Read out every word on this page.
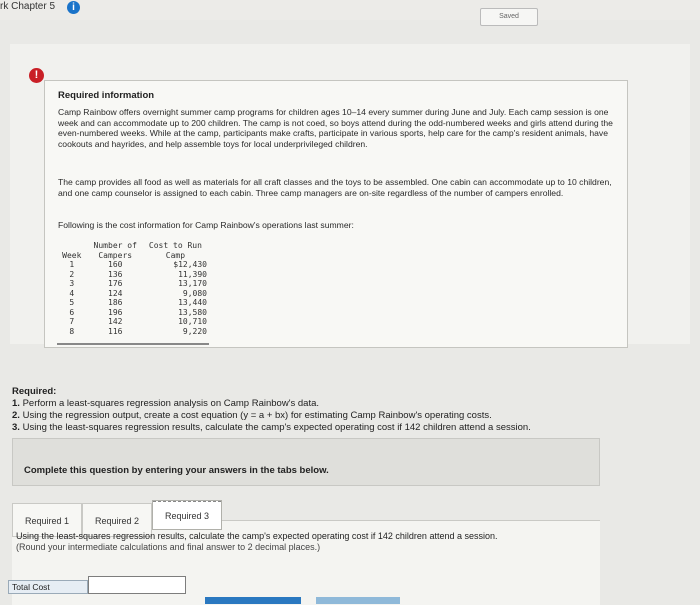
rk Chapter 5	i
Saved
!
Required information
Camp Rainbow offers overnight summer camp programs for children ages 10–14 every summer during June and July. Each camp session is one week and can accommodate up to 200 children. The camp is not coed, so boys attend during the odd-numbered weeks and girls attend during the even-numbered weeks. While at the camp, participants make crafts, participate in various sports, help care for the camp's resident animals, have cookouts and hayrides, and help assemble toys for local underprivileged children.
The camp provides all food as well as materials for all craft classes and the toys to be assembled. One cabin can accommodate up to 10 children, and one camp counselor is assigned to each cabin. Three camp managers are on-site regardless of the number of campers enrolled.
Following is the cost information for Camp Rainbow's operations last summer:
Number of	Cost to Run
Week	Campers	Camp
1	160	$12,430
2	136	11,390
3	176	13,170
4	124	9,080
5	186	13,440
6	196	13,580
7	142	10,710
8	116	9,220
Required:
1. Perform a least-squares regression analysis on Camp Rainbow's data.
2. Using the regression output, create a cost equation (y = a + bx) for estimating Camp Rainbow's operating costs.
3. Using the least-squares regression results, calculate the camp's expected operating cost if 142 children attend a session.
Complete this question by entering your answers in the tabs below.
Required 1	Required 2	Required 3
Using the least-squares regression results, calculate the camp's expected operating cost if 142 children attend a session.
(Round your intermediate calculations and final answer to 2 decimal places.)
Total Cost
